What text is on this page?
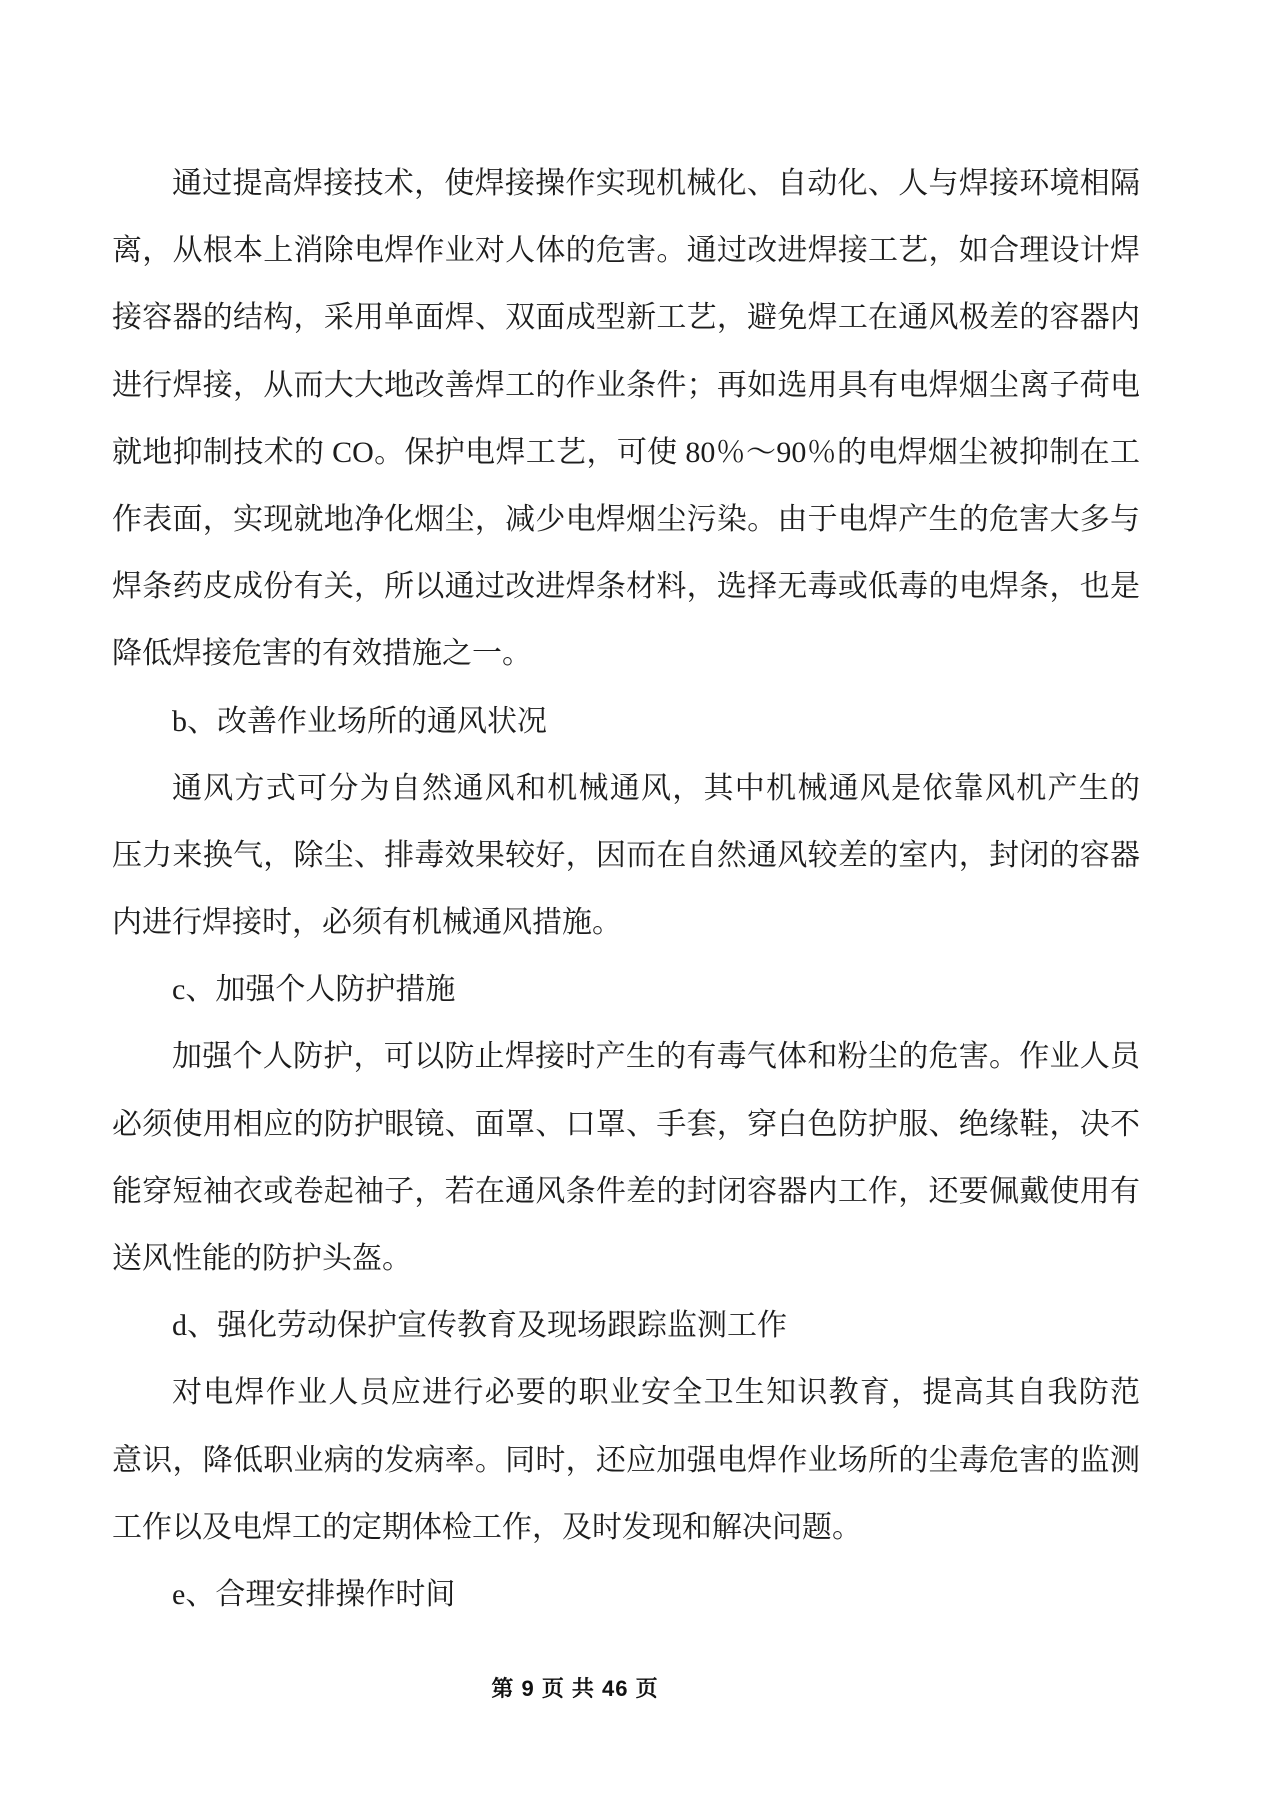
通过提高焊接技术，使焊接操作实现机械化、自动化、人与焊接环境相隔
离，从根本上消除电焊作业对人体的危害。通过改进焊接工艺，如合理设计焊
接容器的结构，采用单面焊、双面成型新工艺，避免焊工在通风极差的容器内
进行焊接，从而大大地改善焊工的作业条件；再如选用具有电焊烟尘离子荷电
就地抑制技术的 CO。保护电焊工艺，可使 80％～90％的电焊烟尘被抑制在工
作表面，实现就地净化烟尘，减少电焊烟尘污染。由于电焊产生的危害大多与
焊条药皮成份有关，所以通过改进焊条材料，选择无毒或低毒的电焊条，也是
降低焊接危害的有效措施之一。
b、改善作业场所的通风状况
通风方式可分为自然通风和机械通风，其中机械通风是依靠风机产生的
压力来换气，除尘、排毒效果较好，因而在自然通风较差的室内，封闭的容器
内进行焊接时，必须有机械通风措施。
c、加强个人防护措施
加强个人防护，可以防止焊接时产生的有毒气体和粉尘的危害。作业人员
必须使用相应的防护眼镜、面罩、口罩、手套，穿白色防护服、绝缘鞋，决不
能穿短袖衣或卷起袖子，若在通风条件差的封闭容器内工作，还要佩戴使用有
送风性能的防护头盔。
d、强化劳动保护宣传教育及现场跟踪监测工作
对电焊作业人员应进行必要的职业安全卫生知识教育，提高其自我防范
意识，降低职业病的发病率。同时，还应加强电焊作业场所的尘毒危害的监测
工作以及电焊工的定期体检工作，及时发现和解决问题。
e、合理安排操作时间
第 9 页 共 46 页
